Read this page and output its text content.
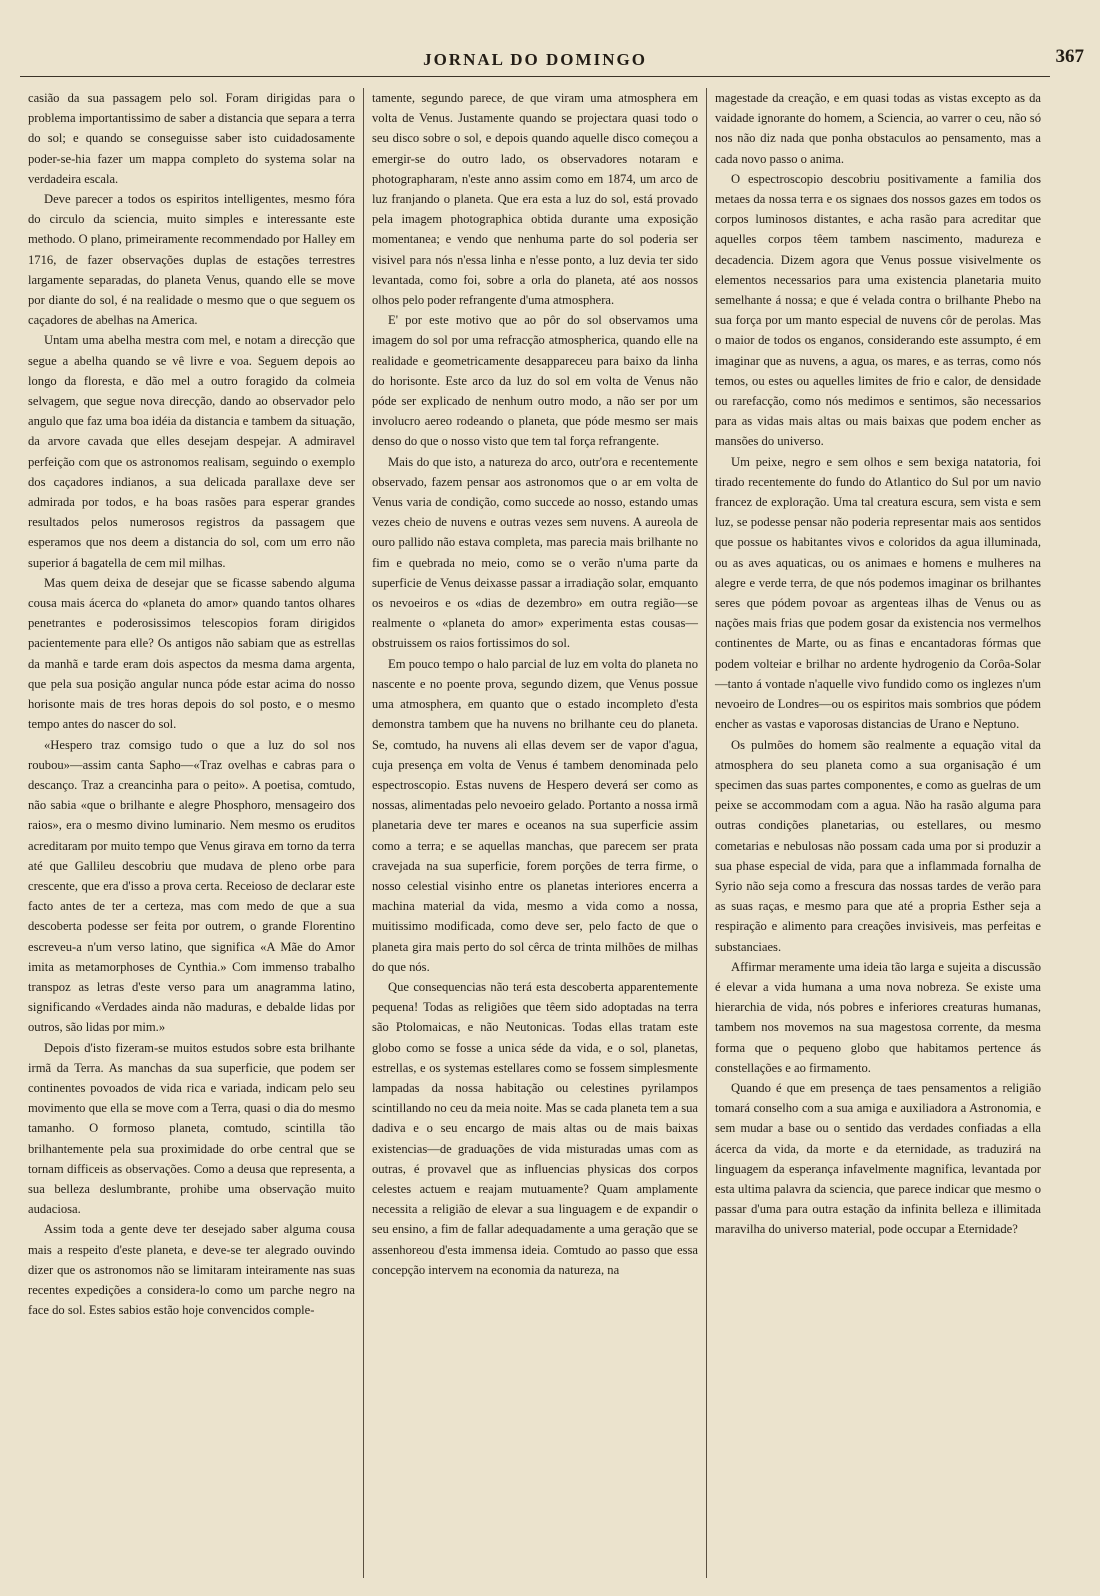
JORNAL DO DOMINGO	367

casião da sua passagem pelo sol. Foram dirigidas para o problema importantissimo de saber a distancia que separa a terra do sol; e quando se conseguisse saber isto cuidadosamente poder-se-hia fazer um mappa completo do systema solar na verdadeira escala.

Deve parecer a todos os espiritos intelligentes, mesmo fóra do circulo da sciencia, muito simples e interessante este methodo. O plano, primeiramente recommendado por Halley em 1716, de fazer observações duplas de estações terrestres largamente separadas, do planeta Venus, quando elle se move por diante do sol, é na realidade o mesmo que o que seguem os caçadores de abelhas na America.

Untam uma abelha mestra com mel, e notam a direcção que segue a abelha quando se vê livre e voa. Seguem depois ao longo da floresta, e dão mel a outro foragido da colmeia selvagem, que segue nova direcção, dando ao observador pelo angulo que faz uma boa idéia da distancia e tambem da situação, da arvore cavada que elles desejam despejar. A admiravel perfeição com que os astronomos realisam, seguindo o exemplo dos caçadores indianos, a sua delicada parallaxe deve ser admirada por todos, e ha boas rasões para esperar grandes resultados pelos numerosos registros da passagem que esperamos que nos deem a distancia do sol, com um erro não superior á bagatella de cem mil milhas.

Mas quem deixa de desejar que se ficasse sabendo alguma cousa mais ácerca do «planeta do amor» quando tantos olhares penetrantes e poderosissimos telescopios foram dirigidos pacientemente para elle? Os antigos não sabiam que as estrellas da manhã e tarde eram dois aspectos da mesma dama argenta, que pela sua posição angular nunca póde estar acima do nosso horisonte mais de tres horas depois do sol posto, e o mesmo tempo antes do nascer do sol.

«Hespero traz comsigo tudo o que a luz do sol nos roubou»—assim canta Sapho—«Traz ovelhas e cabras para o descanço. Traz a creancinha para o peito». A poetisa, comtudo, não sabia «que o brilhante e alegre Phosphoro, mensageiro dos raios», era o mesmo divino luminario. Nem mesmo os eruditos acreditaram por muito tempo que Venus girava em torno da terra até que Gallileu descobriu que mudava de pleno orbe para crescente, que era d'isso a prova certa. Receioso de declarar este facto antes de ter a certeza, mas com medo de que a sua descoberta podesse ser feita por outrem, o grande Florentino escreveu-a n'um verso latino, que significa «A Mãe do Amor imita as metamorphoses de Cynthia.» Com immenso trabalho transpoz as letras d'este verso para um anagramma latino, significando «Verdades ainda não maduras, e debalde lidas por outros, são lidas por mim.»

Depois d'isto fizeram-se muitos estudos sobre esta brilhante irmã da Terra. As manchas da sua superficie, que podem ser continentes povoados de vida rica e variada, indicam pelo seu movimento que ella se move com a Terra, quasi o dia do mesmo tamanho. O formoso planeta, comtudo, scintilla tão brilhantemente pela sua proximidade do orbe central que se tornam difficeis as observações. Como a deusa que representa, a sua belleza deslumbrante, prohibe uma observação muito audaciosa.

Assim toda a gente deve ter desejado saber alguma cousa mais a respeito d'este planeta, e deve-se ter alegrado ouvindo dizer que os astronomos não se limitaram inteiramente nas suas recentes expedições a considera-lo como um parche negro na face do sol. Estes sabios estão hoje convencidos comple-

tamente, segundo parece, de que viram uma atmosphera em volta de Venus. Justamente quando se projectara quasi todo o seu disco sobre o sol, e depois quando aquelle disco começou a emergir-se do outro lado, os observadores notaram e photographaram, n'este anno assim como em 1874, um arco de luz franjando o planeta. Que era esta a luz do sol, está provado pela imagem photographica obtida durante uma exposição momentanea; e vendo que nenhuma parte do sol poderia ser visivel para nós n'essa linha e n'esse ponto, a luz devia ter sido levantada, como foi, sobre a orla do planeta, até aos nossos olhos pelo poder refrangente d'uma atmosphera.

E' por este motivo que ao pôr do sol observamos uma imagem do sol por uma refracção atmospherica, quando elle na realidade e geometricamente desappareceu para baixo da linha do horisonte. Este arco da luz do sol em volta de Venus não póde ser explicado de nenhum outro modo, a não ser por um involucro aereo rodeando o planeta, que póde mesmo ser mais denso do que o nosso visto que tem tal força refrangente.

Mais do que isto, a natureza do arco, outr'ora e recentemente observado, fazem pensar aos astronomos que o ar em volta de Venus varia de condição, como succede ao nosso, estando umas vezes cheio de nuvens e outras vezes sem nuvens. A aureola de ouro pallido não estava completa, mas parecia mais brilhante no fim e quebrada no meio, como se o verão n'uma parte da superficie de Venus deixasse passar a irradiação solar, emquanto os nevoeiros e os «dias de dezembro» em outra região—se realmente o «planeta do amor» experimenta estas cousas—obstruissem os raios fortissimos do sol.

Em pouco tempo o halo parcial de luz em volta do planeta no nascente e no poente prova, segundo dizem, que Venus possue uma atmosphera, em quanto que o estado incompleto d'esta demonstra tambem que ha nuvens no brilhante ceu do planeta. Se, comtudo, ha nuvens ali ellas devem ser de vapor d'agua, cuja presença em volta de Venus é tambem denominada pelo espectroscopio. Estas nuvens de Hespero deverá ser como as nossas, alimentadas pelo nevoeiro gelado. Portanto a nossa irmã planetaria deve ter mares e oceanos na sua superficie assim como a terra; e se aquellas manchas, que parecem ser prata cravejada na sua superficie, forem porções de terra firme, o nosso celestial visinho entre os planetas interiores encerra a machina material da vida, mesmo a vida como a nossa, muitissimo modificada, como deve ser, pelo facto de que o planeta gira mais perto do sol cêrca de trinta milhões de milhas do que nós.

Que consequencias não terá esta descoberta apparentemente pequena! Todas as religiões que têem sido adoptadas na terra são Ptolomaicas, e não Neutonicas. Todas ellas tratam este globo como se fosse a unica séde da vida, e o sol, planetas, estrellas, e os systemas estellares como se fossem simplesmente lampadas da nossa habitação ou celestines pyrilampos scintillando no ceu da meia noite. Mas se cada planeta tem a sua dadiva e o seu encargo de mais altas ou de mais baixas existencias—de graduações de vida misturadas umas com as outras, é provavel que as influencias physicas dos corpos celestes actuem e reajam mutuamente? Quam amplamente necessita a religião de elevar a sua linguagem e de expandir o seu ensino, a fim de fallar adequadamente a uma geração que se assenhoreou d'esta immensa ideia. Comtudo ao passo que essa concepção intervem na economia da natureza, na

magestade da creação, e em quasi todas as vistas excepto as da vaidade ignorante do homem, a Sciencia, ao varrer o ceu, não só nos não diz nada que ponha obstaculos ao pensamento, mas a cada novo passo o anima.

O espectroscopio descobriu positivamente a familia dos metaes da nossa terra e os signaes dos nossos gazes em todos os corpos luminosos distantes, e acha rasão para acreditar que aquelles corpos têem tambem nascimento, madureza e decadencia. Dizem agora que Venus possue visivelmente os elementos necessarios para uma existencia planetaria muito semelhante á nossa; e que é velada contra o brilhante Phebo na sua força por um manto especial de nuvens côr de perolas. Mas o maior de todos os enganos, considerando este assumpto, é em imaginar que as nuvens, a agua, os mares, e as terras, como nós temos, ou estes ou aquelles limites de frio e calor, de densidade ou rarefacção, como nós medimos e sentimos, são necessarios para as vidas mais altas ou mais baixas que podem encher as mansões do universo.

Um peixe, negro e sem olhos e sem bexiga natatoria, foi tirado recentemente do fundo do Atlantico do Sul por um navio francez de exploração. Uma tal creatura escura, sem vista e sem luz, se podesse pensar não poderia representar mais aos sentidos que possue os habitantes vivos e coloridos da agua illuminada, ou as aves aquaticas, ou os animaes e homens e mulheres na alegre e verde terra, de que nós podemos imaginar os brilhantes seres que pódem povoar as argenteas ilhas de Venus ou as nações mais frias que podem gosar da existencia nos vermelhos continentes de Marte, ou as finas e encantadoras fórmas que podem volteiar e brilhar no ardente hydrogenio da Corôa-Solar—tanto á vontade n'aquelle vivo fundido como os inglezes n'um nevoeiro de Londres—ou os espiritos mais sombrios que pódem encher as vastas e vaporosas distancias de Urano e Neptuno.

Os pulmões do homem são realmente a equação vital da atmosphera do seu planeta como a sua organisação é um specimen das suas partes componentes, e como as guelras de um peixe se accommodam com a agua. Não ha rasão alguma para outras condições planetarias, ou estellares, ou mesmo cometarias e nebulosas não possam cada uma por si produzir a sua phase especial de vida, para que a inflammada fornalha de Syrio não seja como a frescura das nossas tardes de verão para as suas raças, e mesmo para que até a propria Esther seja a respiração e alimento para creações invisiveis, mas perfeitas e substanciaes.

Affirmar meramente uma ideia tão larga e sujeita a discussão é elevar a vida humana a uma nova nobreza. Se existe uma hierarchia de vida, nós pobres e inferiores creaturas humanas, tambem nos movemos na sua magestosa corrente, da mesma forma que o pequeno globo que habitamos pertence ás constellações e ao firmamento.

Quando é que em presença de taes pensamentos a religião tomará conselho com a sua amiga e auxiliadora a Astronomia, e sem mudar a base ou o sentido das verdades confiadas a ella ácerca da vida, da morte e da eternidade, as traduzirá na linguagem da esperança infavelmente magnifica, levantada por esta ultima palavra da sciencia, que parece indicar que mesmo o passar d'uma para outra estação da infinita belleza e illimitada maravilha do universo material, pode occupar a Eternidade?
